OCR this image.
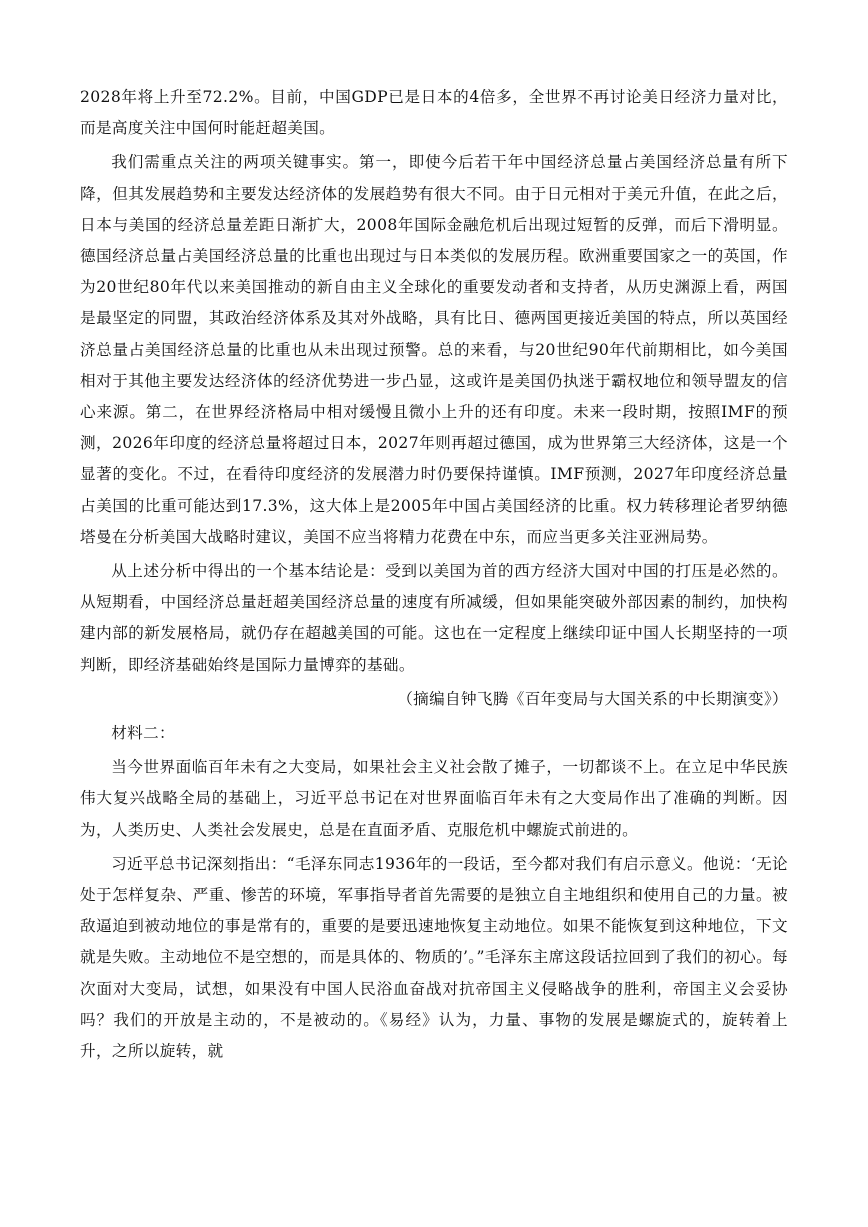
2028年将上升至72.2%。目前，中国GDP已是日本的4倍多，全世界不再讨论美日经济力量对比，而是高度关注中国何时能赶超美国。

我们需重点关注的两项关键事实。第一，即使今后若干年中国经济总量占美国经济总量有所下降，但其发展趋势和主要发达经济体的发展趋势有很大不同。由于日元相对于美元升值，在此之后，日本与美国的经济总量差距日渐扩大，2008年国际金融危机后出现过短暂的反弹，而后下滑明显。德国经济总量占美国经济总量的比重也出现过与日本类似的发展历程。欧洲重要国家之一的英国，作为20世纪80年代以来美国推动的新自由主义全球化的重要发动者和支持者，从历史渊源上看，两国是最坚定的同盟，其政治经济体系及其对外战略，具有比日、德两国更接近美国的特点，所以英国经济总量占美国经济总量的比重也从未出现过预警。总的来看，与20世纪90年代前期相比，如今美国相对于其他主要发达经济体的经济优势进一步凸显，这或许是美国仍执迷于霸权地位和领导盟友的信心来源。第二，在世界经济格局中相对缓慢且微小上升的还有印度。未来一段时期，按照IMF的预测，2026年印度的经济总量将超过日本，2027年则再超过德国，成为世界第三大经济体，这是一个显著的变化。不过，在看待印度经济的发展潜力时仍要保持谨慎。IMF预测，2027年印度经济总量占美国的比重可能达到17.3%，这大体上是2005年中国占美国经济的比重。权力转移理论者罗纳德塔曼在分析美国大战略时建议，美国不应当将精力花费在中东，而应当更多关注亚洲局势。

从上述分析中得出的一个基本结论是：受到以美国为首的西方经济大国对中国的打压是必然的。从短期看，中国经济总量赶超美国经济总量的速度有所减缓，但如果能突破外部因素的制约，加快构建内部的新发展格局，就仍存在超越美国的可能。这也在一定程度上继续印证中国人长期坚持的一项判断，即经济基础始终是国际力量博弈的基础。

（摘编自钟飞腾《百年变局与大国关系的中长期演变》）

材料二：

当今世界面临百年未有之大变局，如果社会主义社会散了摊子，一切都谈不上。在立足中华民族伟大复兴战略全局的基础上，习近平总书记在对世界面临百年未有之大变局作出了准确的判断。因为，人类历史、人类社会发展史，总是在直面矛盾、克服危机中螺旋式前进的。

习近平总书记深刻指出：“毛泽东同志1936年的一段话，至今都对我们有启示意义。他说：‘无论处于怎样复杂、严重、惨苦的环境，军事指导者首先需要的是独立自主地组织和使用自己的力量。被敌逼迫到被动地位的事是常有的，重要的是要迅速地恢复主动地位。如果不能恢复到这种地位，下文就是失败。主动地位不是空想的，而是具体的、物质的’。”毛泽东主席这段话拉回到了我们的初心。每次面对大变局，试想，如果没有中国人民浴血奋战对抗帝国主义侵略战争的胜利，帝国主义会妥协吗？我们的开放是主动的，不是被动的。《易经》认为，力量、事物的发展是螺旋式的，旋转着上升，之所以旋转，就
